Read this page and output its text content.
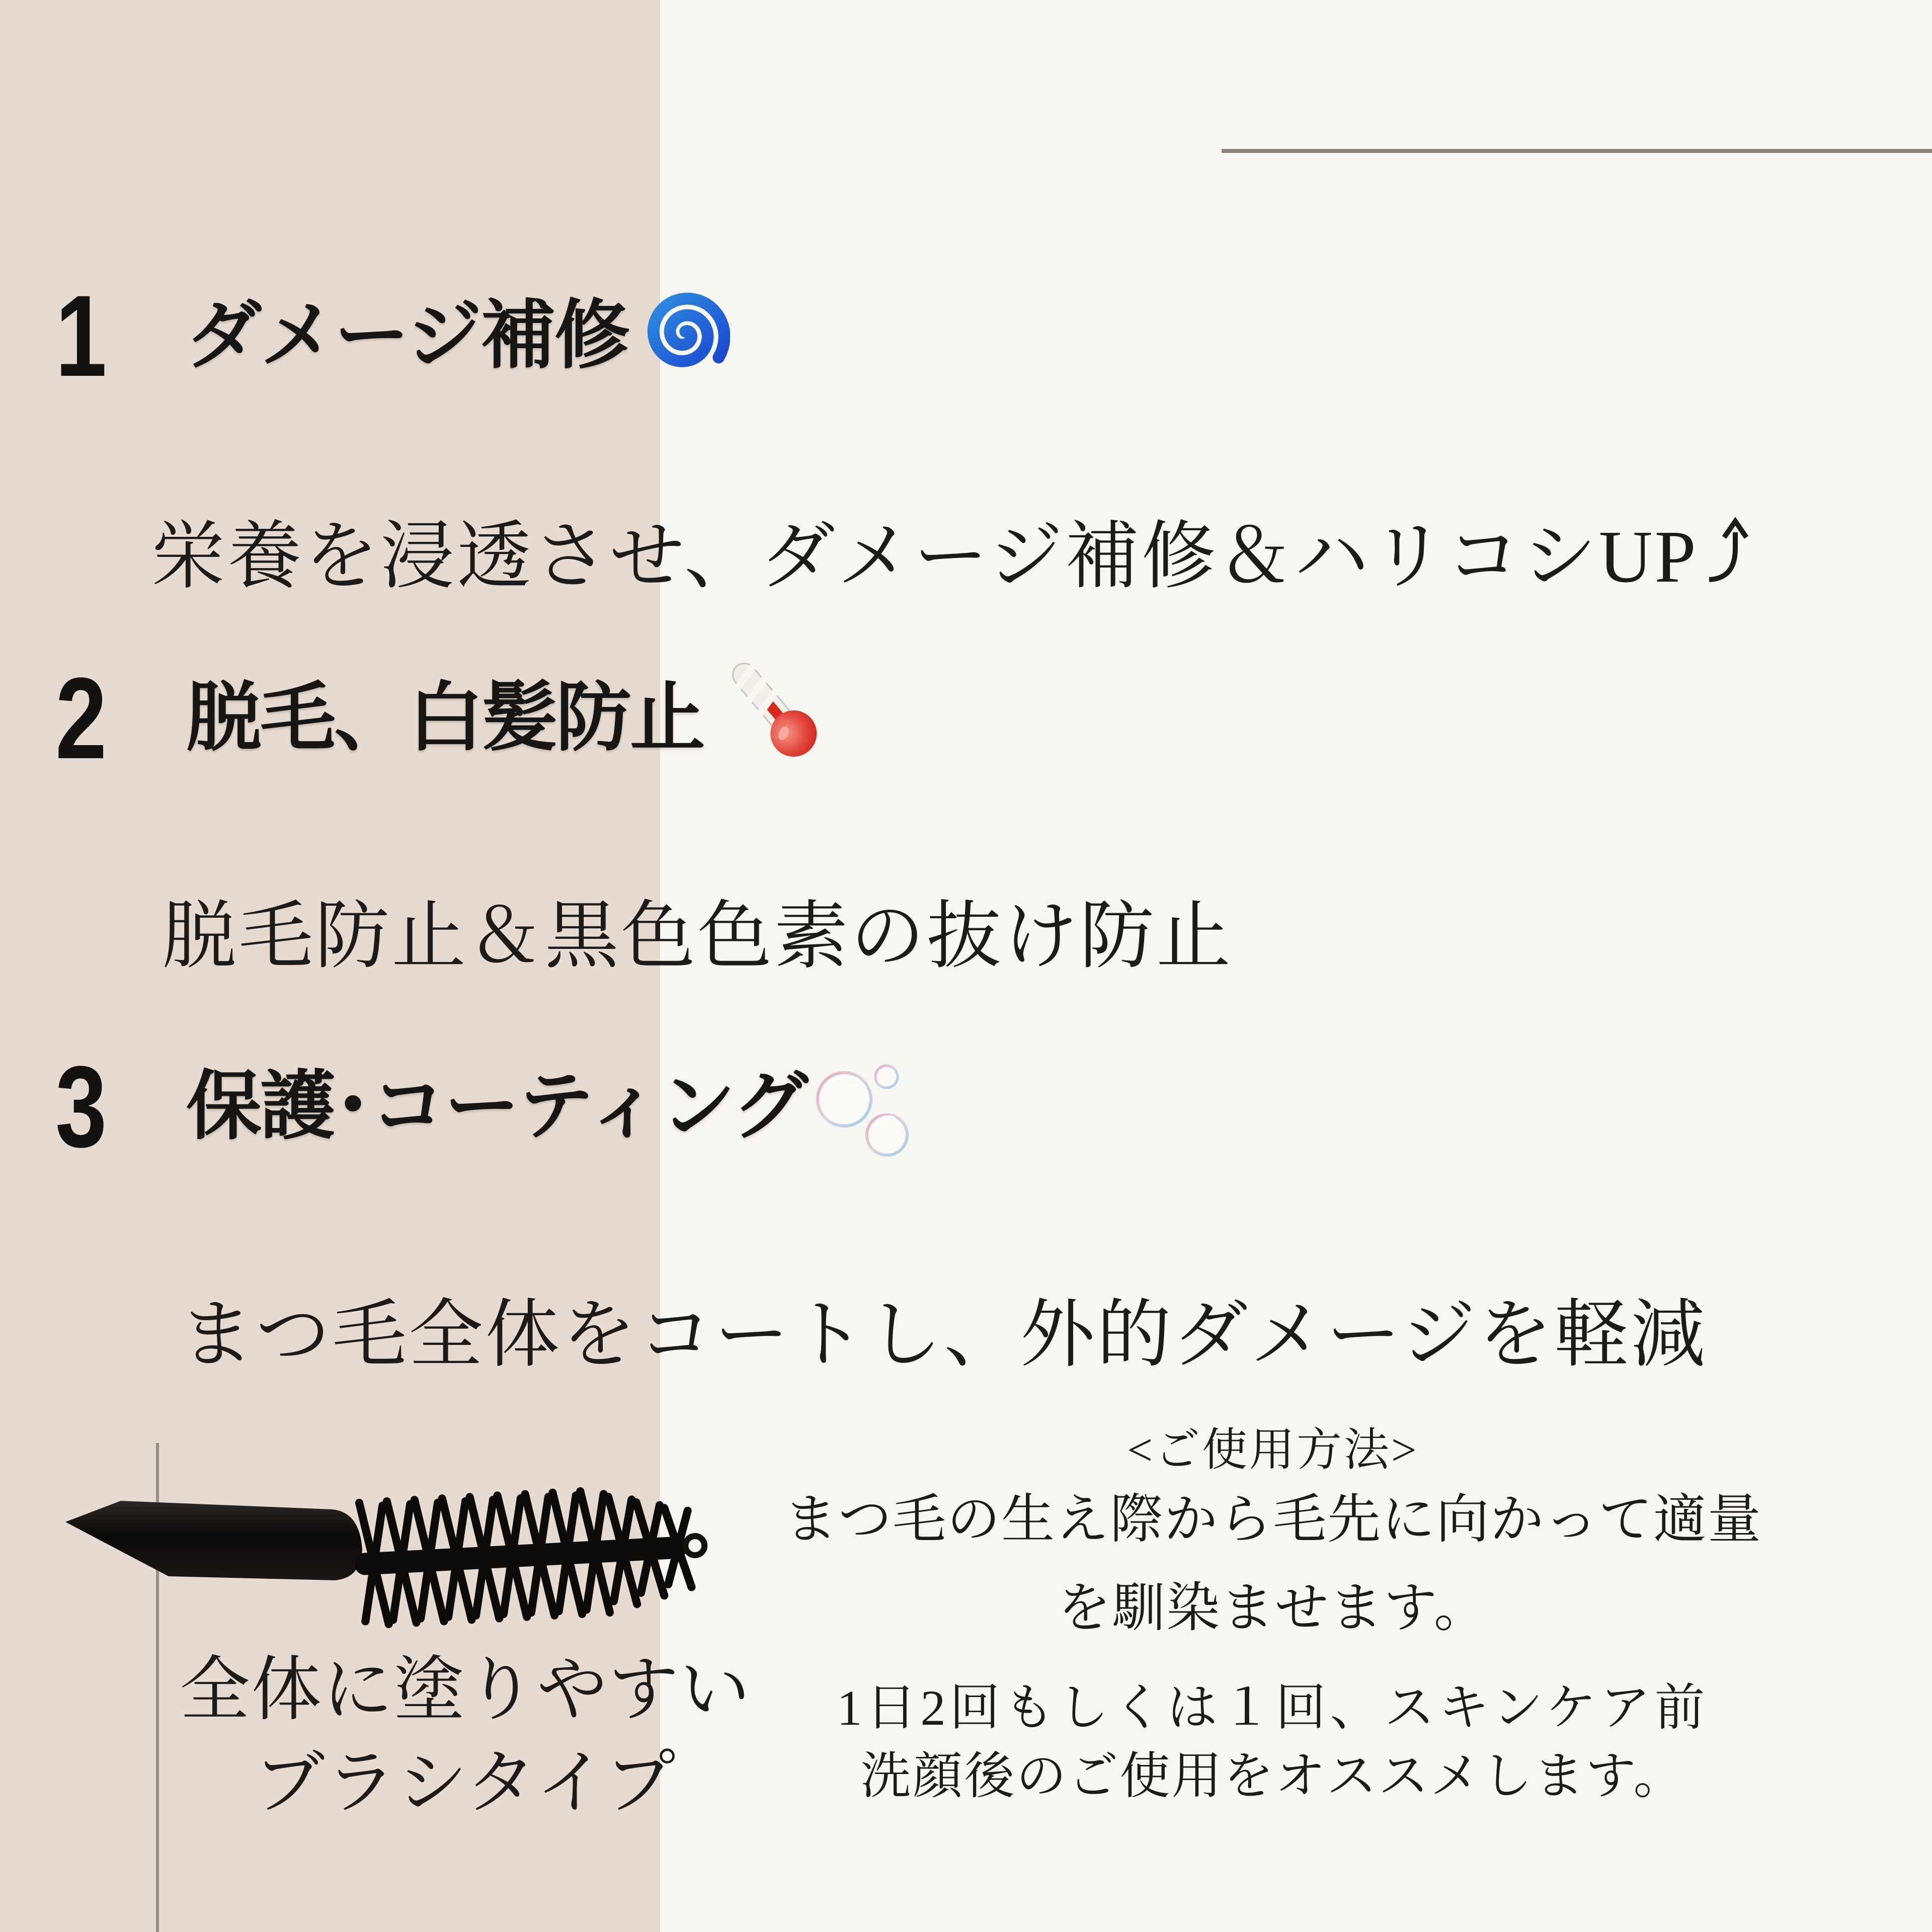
1 ダメージ補修

栄養を浸透させ、ダメージ補修＆ハリコシUP

2 脱毛、白髪防止

脱毛防止＆黒色色素の抜け防止

3 保護･コーティング

まつ毛全体をコートし、外的ダメージを軽減

全体に塗りやすい
ブラシタイプ

<ご使用方法>

まつ毛の生え際から毛先に向かって適量

を馴染ませます。

1日2回もしくは１回、スキンケア前

洗顔後のご使用をオススメします。
